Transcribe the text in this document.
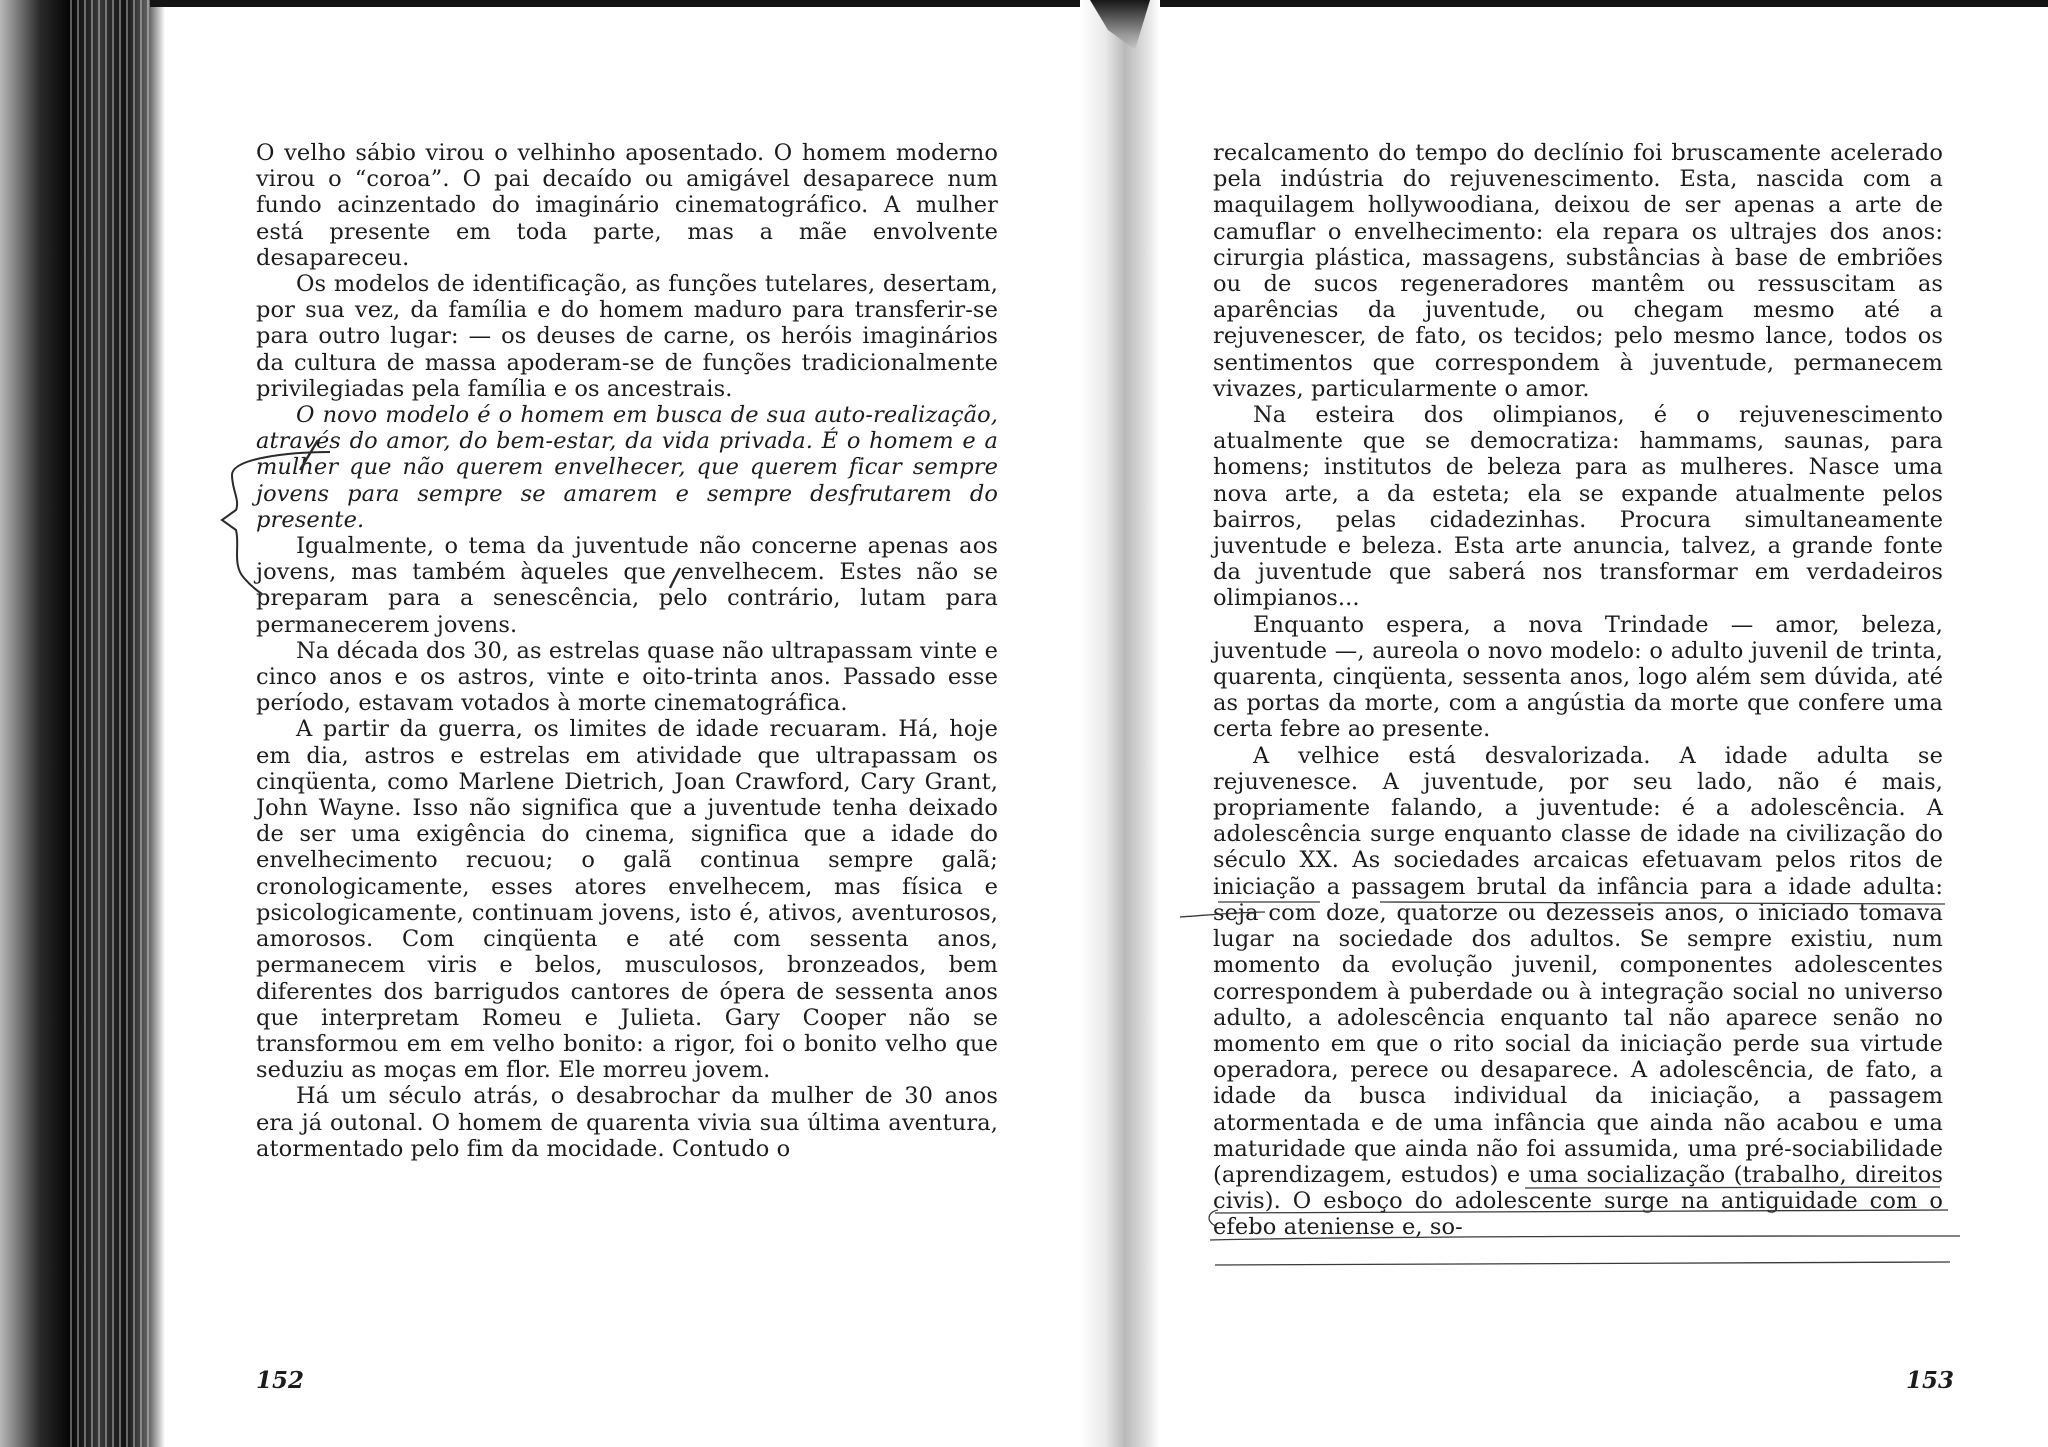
O velho sábio virou o velhinho aposentado. O homem moderno virou o “coroa”. O pai decaído ou amigável desaparece num fundo acinzentado do imaginário cinematográfico. A mulher está presente em toda parte, mas a mãe envolvente desapareceu.

Os modelos de identificação, as funções tutelares, desertam, por sua vez, da família e do homem maduro para transferir-se para outro lugar: — os deuses de carne, os heróis imaginários da cultura de massa apoderam-se de funções tradicionalmente privilegiadas pela família e os ancestrais.

O novo modelo é o homem em busca de sua auto-realização, através do amor, do bem-estar, da vida privada. É o homem e a mulher que não querem envelhecer, que querem ficar sempre jovens para sempre se amarem e sempre desfrutarem do presente.

Igualmente, o tema da juventude não concerne apenas aos jovens, mas também àqueles que envelhecem. Estes não se preparam para a senescência, pelo contrário, lutam para permanecerem jovens.

Na década dos 30, as estrelas quase não ultrapassam vinte e cinco anos e os astros, vinte e oito-trinta anos. Passado esse período, estavam votados à morte cinematográfica.

A partir da guerra, os limites de idade recuaram. Há, hoje em dia, astros e estrelas em atividade que ultrapassam os cinqüenta, como Marlene Dietrich, Joan Crawford, Cary Grant, John Wayne. Isso não significa que a juventude tenha deixado de ser uma exigência do cinema, significa que a idade do envelhecimento recuou; o galã continua sempre galã; cronologicamente, esses atores envelhecem, mas física e psicologicamente, continuam jovens, isto é, ativos, aventurosos, amorosos. Com cinqüenta e até com sessenta anos, permanecem viris e belos, musculosos, bronzeados, bem diferentes dos barrigudos cantores de ópera de sessenta anos que interpretam Romeu e Julieta. Gary Cooper não se transformou em em velho bonito: a rigor, foi o bonito velho que seduziu as moças em flor. Ele morreu jovem.

Há um século atrás, o desabrochar da mulher de 30 anos era já outonal. O homem de quarenta vivia sua última aventura, atormentado pelo fim da mocidade. Contudo o

152

recalcamento do tempo do declínio foi bruscamente acelerado pela indústria do rejuvenescimento. Esta, nascida com a maquilagem hollywoodiana, deixou de ser apenas a arte de camuflar o envelhecimento: ela repara os ultrajes dos anos: cirurgia plástica, massagens, substâncias à base de embriões ou de sucos regeneradores mantêm ou ressuscitam as aparências da juventude, ou chegam mesmo até a rejuvenescer, de fato, os tecidos; pelo mesmo lance, todos os sentimentos que correspondem à juventude, permanecem vivazes, particularmente o amor.

Na esteira dos olimpianos, é o rejuvenescimento atualmente que se democratiza: hammams, saunas, para homens; institutos de beleza para as mulheres. Nasce uma nova arte, a da esteta; ela se expande atualmente pelos bairros, pelas cidadezinhas. Procura simultaneamente juventude e beleza. Esta arte anuncia, talvez, a grande fonte da juventude que saberá nos transformar em verdadeiros olimpianos...

Enquanto espera, a nova Trindade — amor, beleza, juventude —, aureola o novo modelo: o adulto juvenil de trinta, quarenta, cinqüenta, sessenta anos, logo além sem dúvida, até as portas da morte, com a angústia da morte que confere uma certa febre ao presente.

A velhice está desvalorizada. A idade adulta se rejuvenesce. A juventude, por seu lado, não é mais, propriamente falando, a juventude: é a adolescência. A adolescência surge enquanto classe de idade na civilização do século XX. As sociedades arcaicas efetuavam pelos ritos de iniciação a passagem brutal da infância para a idade adulta: seja com doze, quatorze ou dezesseis anos, o iniciado tomava lugar na sociedade dos adultos. Se sempre existiu, num momento da evolução juvenil, componentes adolescentes correspondem à puberdade ou à integração social no universo adulto, a adolescência enquanto tal não aparece senão no momento em que o rito social da iniciação perde sua virtude operadora, perece ou desaparece. A adolescência, de fato, a idade da busca individual da iniciação, a passagem atormentada e de uma infância que ainda não acabou e uma maturidade que ainda não foi assumida, uma pré-sociabilidade (aprendizagem, estudos) e uma socialização (trabalho, direitos civis). O esboço do adolescente surge na antiguidade com o efebo ateniense e, so-

153
